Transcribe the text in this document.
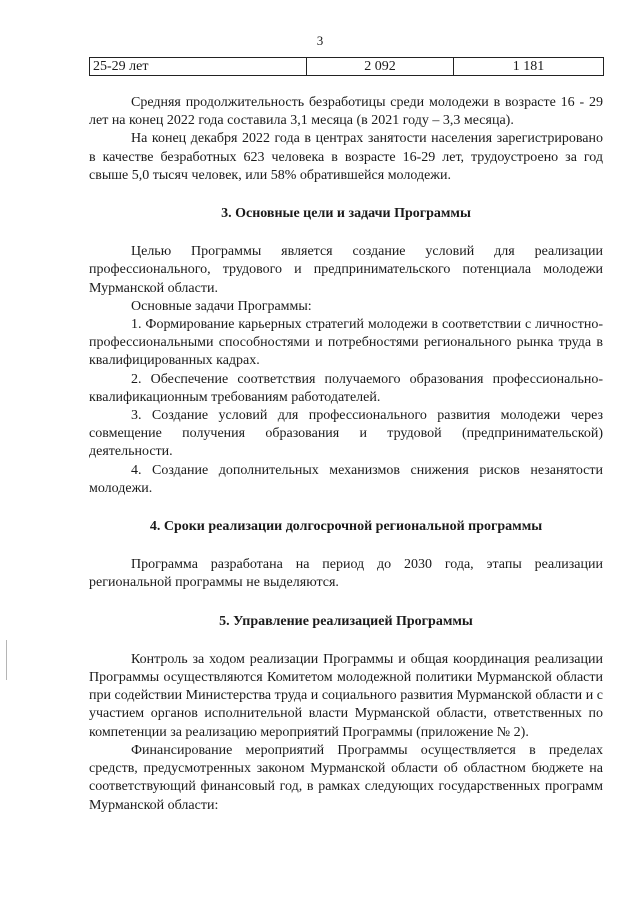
3
25-29 лет	2 092	1 181

Средняя продолжительность безработицы среди молодежи в возрасте 16 - 29 лет на конец 2022 года составила 3,1 месяца (в 2021 году – 3,3 месяца).

На конец декабря 2022 года в центрах занятости населения зарегистрировано в качестве безработных 623 человека в возрасте 16-29 лет, трудоустроено за год свыше 5,0 тысяч человек, или 58% обратившейся молодежи.

3. Основные цели и задачи Программы

Целью Программы является создание условий для реализации профессионального, трудового и предпринимательского потенциала молодежи Мурманской области.

Основные задачи Программы:

1. Формирование карьерных стратегий молодежи в соответствии с личностно-профессиональными способностями и потребностями регионального рынка труда в квалифицированных кадрах.

2. Обеспечение соответствия получаемого образования профессионально-квалификационным требованиям работодателей.

3. Создание условий для профессионального развития молодежи через совмещение получения образования и трудовой (предпринимательской) деятельности.

4. Создание дополнительных механизмов снижения рисков незанятости молодежи.

4. Сроки реализации долгосрочной региональной программы

Программа разработана на период до 2030 года, этапы реализации региональной программы не выделяются.

5. Управление реализацией Программы

Контроль за ходом реализации Программы и общая координация реализации Программы осуществляются Комитетом молодежной политики Мурманской области при содействии Министерства труда и социального развития Мурманской области и с участием органов исполнительной власти Мурманской области, ответственных по компетенции за реализацию мероприятий Программы (приложение № 2).

Финансирование мероприятий Программы осуществляется в пределах средств, предусмотренных законом Мурманской области об областном бюджете на соответствующий финансовый год, в рамках следующих государственных программ Мурманской области:
